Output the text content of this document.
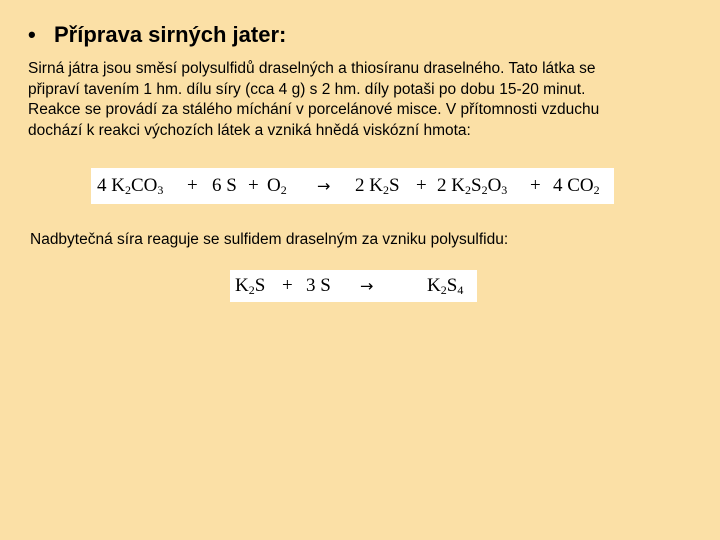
• Příprava sirných jater:
Sirná játra jsou směsí polysulfidů draselných a thiosíranu draselného. Tato látka se
připraví tavením 1 hm. dílu síry (cca 4 g) s 2 hm. díly potaši po dobu 15-20 minut.
Reakce se provádí za stálého míchání v porcelánové misce. V přítomnosti vzduchu
dochází k reakci výchozích látek a vzniká hnědá viskózní hmota:
4 $K_2CO_3 + 6$ $S + O_2 \to 2$ $K_2S + 2$ $K_2S_2O_3 + 4$ $CO_2$
Nadbytečná síra reaguje se sulfidem draselným za vzniku polysulfidu:
$K_2S + 3$ S →	$K_2S_4$
